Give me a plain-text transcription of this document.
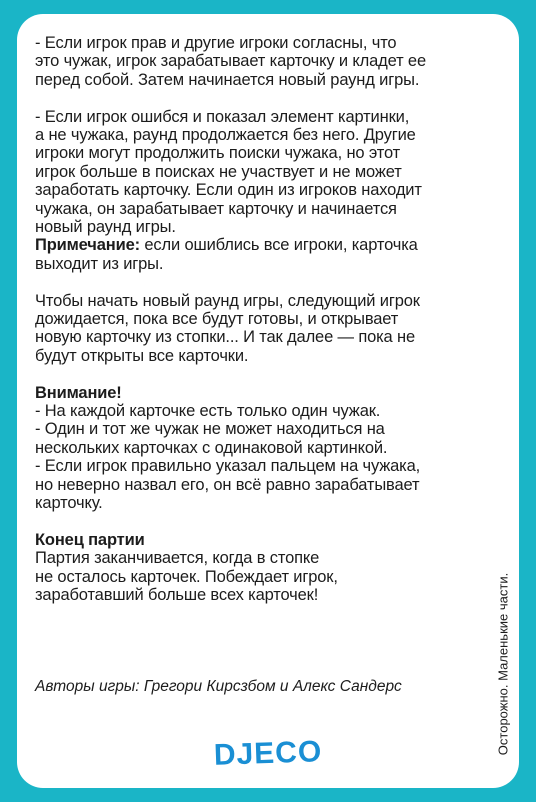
- Если игрок прав и другие игроки согласны, что
это чужак, игрок зарабатывает карточку и кладет ее
перед собой. Затем начинается новый раунд игры.
- Если игрок ошибся и показал элемент картинки,
а не чужака, раунд продолжается без него. Другие
игроки могут продолжить поиски чужака, но этот
игрок больше в поисках не участвует и не может
заработать карточку. Если один из игроков находит
чужака, он зарабатывает карточку и начинается
новый раунд игры.
Примечание: если ошиблись все игроки, карточка
выходит из игры.
Чтобы начать новый раунд игры, следующий игрок
дожидается, пока все будут готовы, и открывает
новую карточку из стопки... И так далее — пока не
будут открыты все карточки.
Внимание!
- На каждой карточке есть только один чужак.
- Один и тот же чужак не может находиться на
нескольких карточках с одинаковой картинкой.
- Если игрок правильно указал пальцем на чужака,
но неверно назвал его, он всё равно зарабатывает
карточку.
Конец партии
Партия заканчивается, когда в стопке
не осталось карточек. Побеждает игрок,
заработавший больше всех карточек!
Авторы игры: Грегори Кирсзбом и Алекс Сандерс
DJECO	Осторожно. Маленькие части.
